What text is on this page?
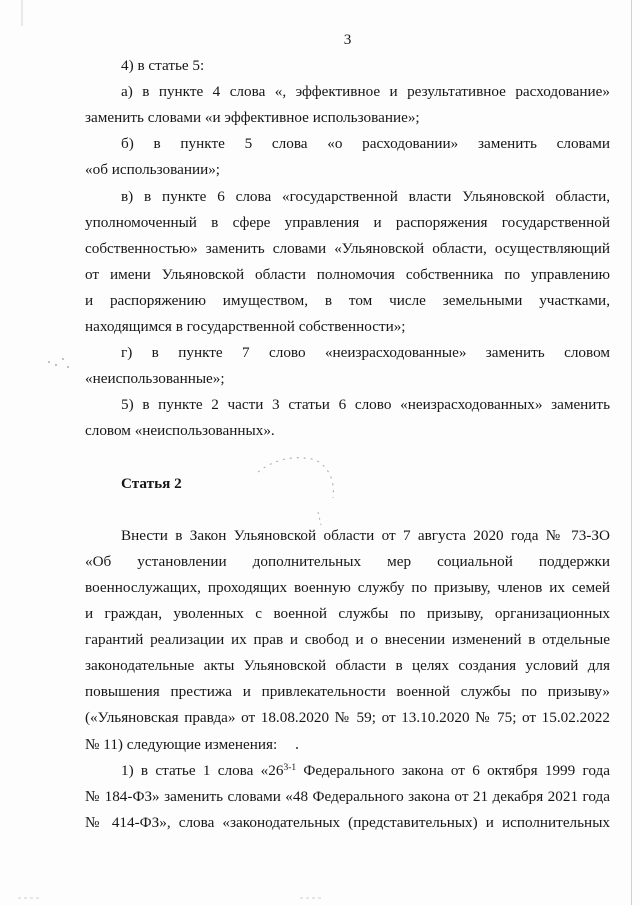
3
4) в статье 5:
а) в пункте 4 слова «, эффективное и результативное расходование»
заменить словами «и эффективное использование»;
б) в пункте 5 слова «о расходовании» заменить словами
«об использовании»;
в) в пункте 6 слова «государственной власти Ульяновской области,
уполномоченный в сфере управления и распоряжения государственной
собственностью» заменить словами «Ульяновской области, осуществляющий
от имени Ульяновской области полномочия собственника по управлению
и распоряжению имуществом, в том числе земельными участками,
находящимся в государственной собственности»;
г) в пункте 7 слово «неизрасходованные» заменить словом
«неиспользованные»;
5) в пункте 2 части 3 статьи 6 слово «неизрасходованных» заменить
словом «неиспользованных».
Статья 2
Внести в Закон Ульяновской области от 7 августа 2020 года № 73-ЗО
«Об установлении дополнительных мер социальной поддержки
военнослужащих, проходящих военную службу по призыву, членов их семей
и граждан, уволенных с военной службы по призыву, организационных
гарантий реализации их прав и свобод и о внесении изменений в отдельные
законодательные акты Ульяновской области в целях создания условий для
повышения престижа и привлекательности военной службы по призыву»
(«Ульяновская правда» от 18.08.2020 № 59; от 13.10.2020 № 75; от 15.02.2022
№ 11) следующие изменения:
1) в статье 1 слова «26$^{3-1}$ Федерального закона от 6 октября 1999 года
№ 184-ФЗ» заменить словами «48 Федерального закона от 21 декабря 2021 года
№ 414-ФЗ», слова «законодательных (представительных) и исполнительных
